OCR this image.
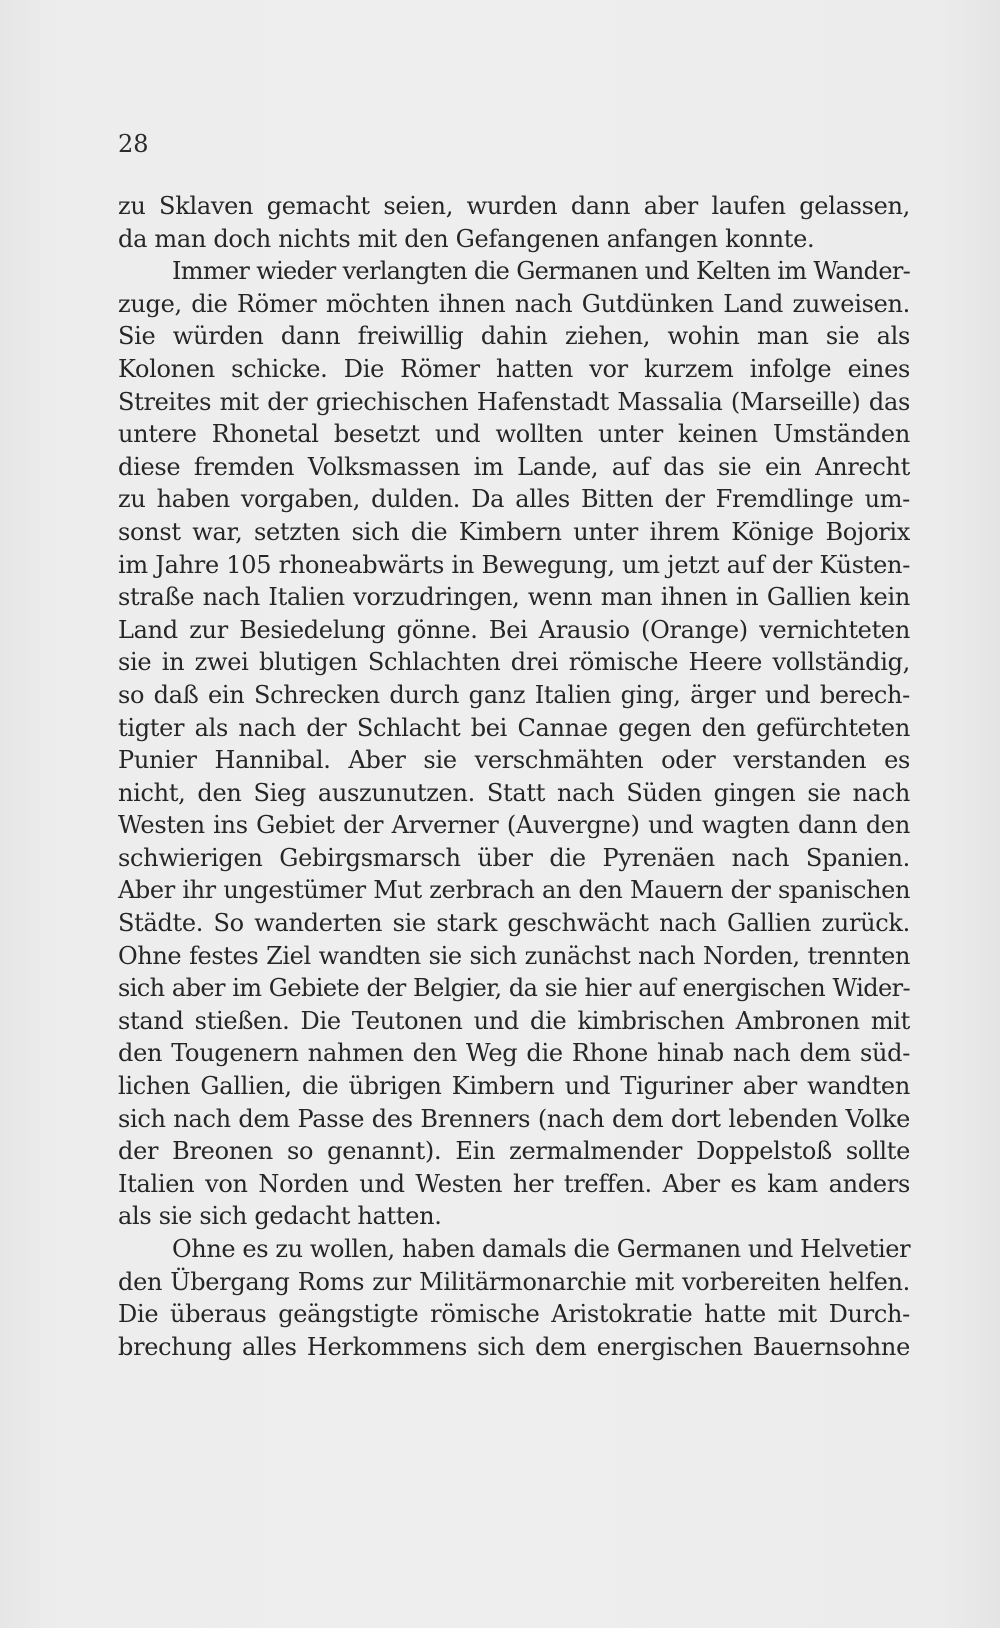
28
zu Sklaven gemacht seien, wurden dann aber laufen gelassen,
da man doch nichts mit den Gefangenen anfangen konnte.
Immer wieder verlangten die Germanen und Kelten im Wander-
zuge, die Römer möchten ihnen nach Gutdünken Land zuweisen.
Sie würden dann freiwillig dahin ziehen, wohin man sie als
Kolonen schicke. Die Römer hatten vor kurzem infolge eines
Streites mit der griechischen Hafenstadt Massalia (Marseille) das
untere Rhonetal besetzt und wollten unter keinen Umständen
diese fremden Volksmassen im Lande, auf das sie ein Anrecht
zu haben vorgaben, dulden. Da alles Bitten der Fremdlinge um-
sonst war, setzten sich die Kimbern unter ihrem Könige Bojorix
im Jahre 105 rhoneabwärts in Bewegung, um jetzt auf der Küsten-
straße nach Italien vorzudringen, wenn man ihnen in Gallien kein
Land zur Besiedelung gönne. Bei Arausio (Orange) vernichteten
sie in zwei blutigen Schlachten drei römische Heere vollständig,
so daß ein Schrecken durch ganz Italien ging, ärger und berech-
tigter als nach der Schlacht bei Cannae gegen den gefürchteten
Punier Hannibal. Aber sie verschmähten oder verstanden es
nicht, den Sieg auszunutzen. Statt nach Süden gingen sie nach
Westen ins Gebiet der Arverner (Auvergne) und wagten dann den
schwierigen Gebirgsmarsch über die Pyrenäen nach Spanien.
Aber ihr ungestümer Mut zerbrach an den Mauern der spanischen
Städte. So wanderten sie stark geschwächt nach Gallien zurück.
Ohne festes Ziel wandten sie sich zunächst nach Norden, trennten
sich aber im Gebiete der Belgier, da sie hier auf energischen Wider-
stand stießen. Die Teutonen und die kimbrischen Ambronen mit
den Tougenern nahmen den Weg die Rhone hinab nach dem süd-
lichen Gallien, die übrigen Kimbern und Tiguriner aber wandten
sich nach dem Passe des Brenners (nach dem dort lebenden Volke
der Breonen so genannt). Ein zermalmender Doppelstoß sollte
Italien von Norden und Westen her treffen. Aber es kam anders
als sie sich gedacht hatten.
Ohne es zu wollen, haben damals die Germanen und Helvetier
den Übergang Roms zur Militärmonarchie mit vorbereiten helfen.
Die überaus geängstigte römische Aristokratie hatte mit Durch-
brechung alles Herkommens sich dem energischen Bauernsohne
